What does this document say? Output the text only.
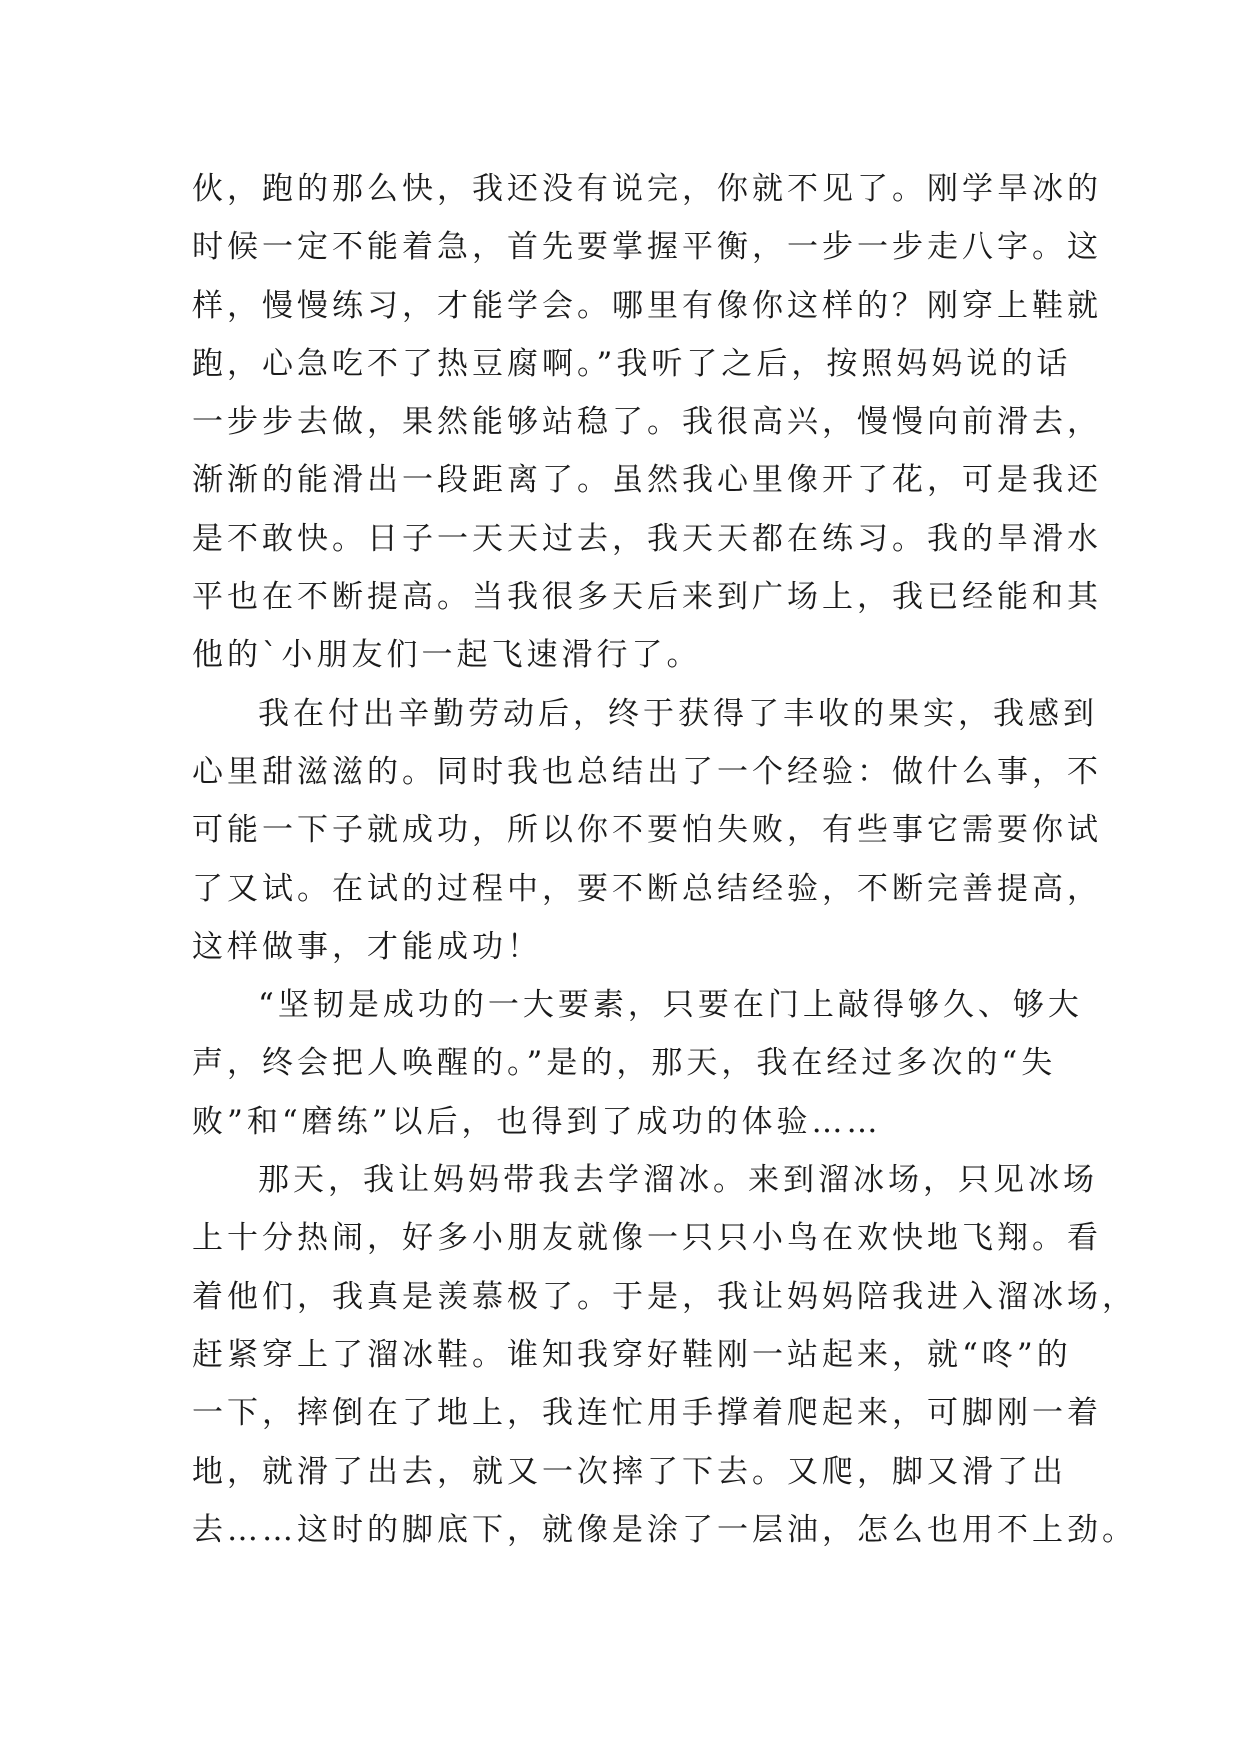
伙，跑的那么快，我还没有说完，你就不见了。刚学旱冰的
时候一定不能着急，首先要掌握平衡，一步一步走八字。这
样，慢慢练习，才能学会。哪里有像你这样的？刚穿上鞋就
跑，心急吃不了热豆腐啊。”我听了之后，按照妈妈说的话
一步步去做，果然能够站稳了。我很高兴，慢慢向前滑去，
渐渐的能滑出一段距离了。虽然我心里像开了花，可是我还
是不敢快。日子一天天过去，我天天都在练习。我的旱滑水
平也在不断提高。当我很多天后来到广场上，我已经能和其
他的`小朋友们一起飞速滑行了。
我在付出辛勤劳动后，终于获得了丰收的果实，我感到
心里甜滋滋的。同时我也总结出了一个经验：做什么事，不
可能一下子就成功，所以你不要怕失败，有些事它需要你试
了又试。在试的过程中，要不断总结经验，不断完善提高，
这样做事，才能成功！
“坚韧是成功的一大要素，只要在门上敲得够久、够大
声，终会把人唤醒的。”是的，那天，我在经过多次的“失
败”和“磨练”以后，也得到了成功的体验……
那天，我让妈妈带我去学溜冰。来到溜冰场，只见冰场
上十分热闹，好多小朋友就像一只只小鸟在欢快地飞翔。看
着他们，我真是羡慕极了。于是，我让妈妈陪我进入溜冰场，
赶紧穿上了溜冰鞋。谁知我穿好鞋刚一站起来，就“咚”的
一下，摔倒在了地上，我连忙用手撑着爬起来，可脚刚一着
地，就滑了出去，就又一次摔了下去。又爬，脚又滑了出
去……这时的脚底下，就像是涂了一层油，怎么也用不上劲。
